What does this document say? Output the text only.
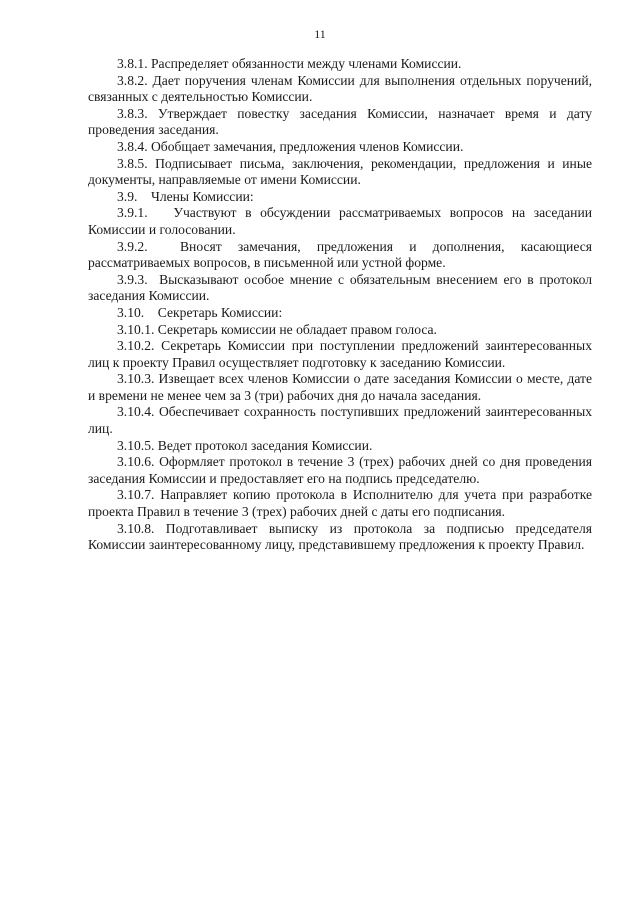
11

3.8.1. Распределяет обязанности между членами Комиссии.

3.8.2. Дает поручения членам Комиссии для выполнения отдельных поручений, связанных с деятельностью Комиссии.

3.8.3. Утверждает повестку заседания Комиссии, назначает время и дату проведения заседания.

3.8.4. Обобщает замечания, предложения членов Комиссии.

3.8.5. Подписывает письма, заключения, рекомендации, предложения и иные документы, направляемые от имени Комиссии.

3.9.    Члены Комиссии:

3.9.1.   Участвуют в обсуждении рассматриваемых вопросов на заседании Комиссии и голосовании.

3.9.2.  Вносят замечания, предложения и дополнения, касающиеся рассматриваемых вопросов, в письменной или устной форме.

3.9.3.  Высказывают особое мнение с обязательным внесением его в протокол заседания Комиссии.

3.10.    Секретарь Комиссии:

3.10.1. Секретарь комиссии не обладает правом голоса.

3.10.2. Секретарь Комиссии при поступлении предложений заинтересованных лиц к проекту Правил осуществляет подготовку к заседанию Комиссии.

3.10.3. Извещает всех членов Комиссии о дате заседания Комиссии о месте, дате и времени не менее чем за 3 (три) рабочих дня до начала заседания.

3.10.4. Обеспечивает сохранность поступивших предложений заинтересованных лиц.

3.10.5. Ведет протокол заседания Комиссии.

3.10.6. Оформляет протокол в течение 3 (трех) рабочих дней со дня проведения заседания Комиссии и предоставляет его на подпись председателю.

3.10.7. Направляет копию протокола в Исполнителю для учета при разработке проекта Правил в течение 3 (трех) рабочих дней с даты его подписания.

3.10.8. Подготавливает выписку из протокола за подписью председателя Комиссии заинтересованному лицу, представившему предложения к проекту Правил.
